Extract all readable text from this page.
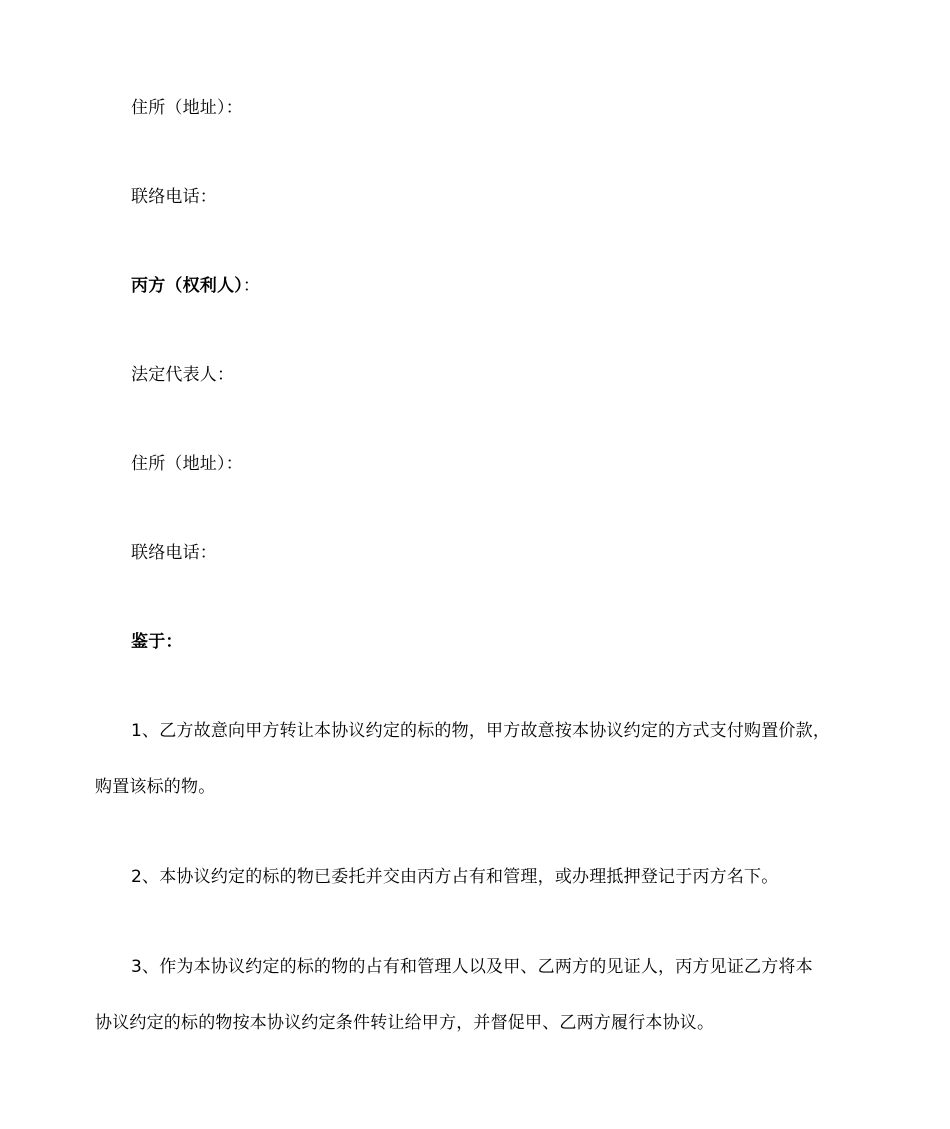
住所（地址）：
联络电话：
丙方（权利人）：
法定代表人：
住所（地址）：
联络电话：
鉴于：
1、乙方故意向甲方转让本协议约定的标的物，甲方故意按本协议约定的方式支付购置价款，
购置该标的物。
2、本协议约定的标的物已委托并交由丙方占有和管理，或办理抵押登记于丙方名下。
3、作为本协议约定的标的物的占有和管理人以及甲、乙两方的见证人，丙方见证乙方将本
协议约定的标的物按本协议约定条件转让给甲方，并督促甲、乙两方履行本协议。
